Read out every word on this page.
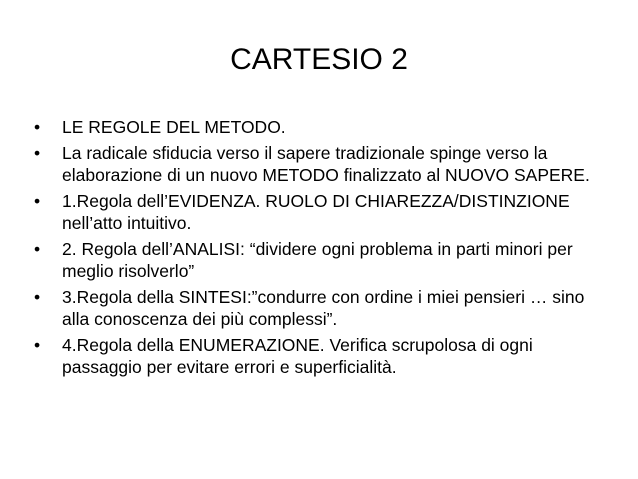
CARTESIO 2
•	LE REGOLE DEL METODO.
•	La radicale sfiducia verso il sapere tradizionale spinge verso la elaborazione di un nuovo METODO finalizzato al NUOVO SAPERE.
•	1.Regola dell’EVIDENZA. RUOLO DI CHIAREZZA/DISTINZIONE nell’atto intuitivo.
•	2. Regola dell’ANALISI: “dividere ogni problema in parti minori per meglio risolverlo”
•	3.Regola della SINTESI:”condurre con ordine i miei pensieri … sino alla conoscenza dei più complessi”.
•	4.Regola della ENUMERAZIONE. Verifica scrupolosa di ogni passaggio per evitare errori e superficialità.
